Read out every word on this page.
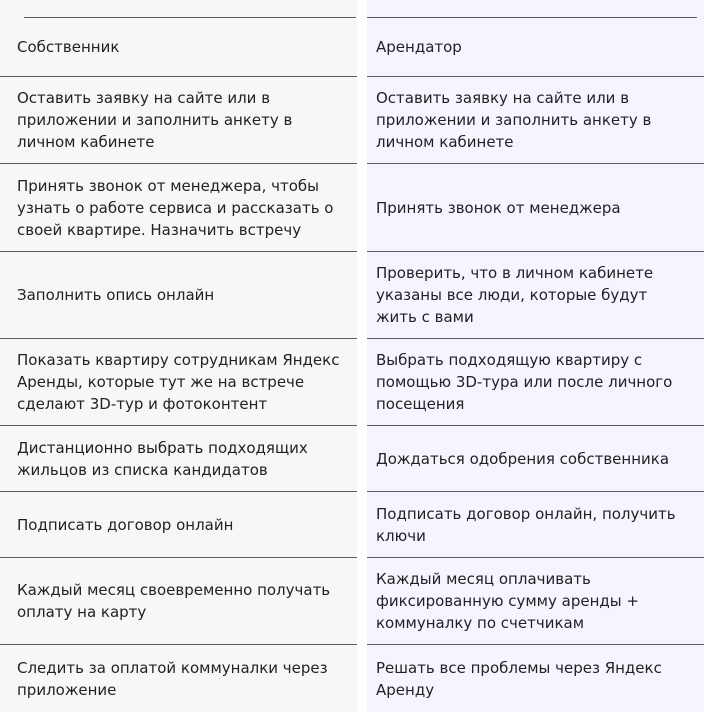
Собственник
Оставить заявку на сайте или в приложении и заполнить анкету в личном кабинете
Принять звонок от менеджера, чтобы узнать о работе сервиса и рассказать о своей квартире. Назначить встречу
Заполнить опись онлайн
Показать квартиру сотрудникам Яндекс Аренды, которые тут же на встрече сделают 3D-тур и фотоконтент
Дистанционно выбрать подходящих жильцов из списка кандидатов
Подписать договор онлайн
Каждый месяц своевременно получать оплату на карту
Следить за оплатой коммуналки через приложение
Арендатор
Оставить заявку на сайте или в приложении и заполнить анкету в личном кабинете
Принять звонок от менеджера
Проверить, что в личном кабинете указаны все люди, которые будут жить с вами
Выбрать подходящую квартиру с помощью 3D-тура или после личного посещения
Дождаться одобрения собственника
Подписать договор онлайн, получить ключи
Каждый месяц оплачивать фиксированную сумму аренды + коммуналку по счетчикам
Решать все проблемы через Яндекс Аренду
